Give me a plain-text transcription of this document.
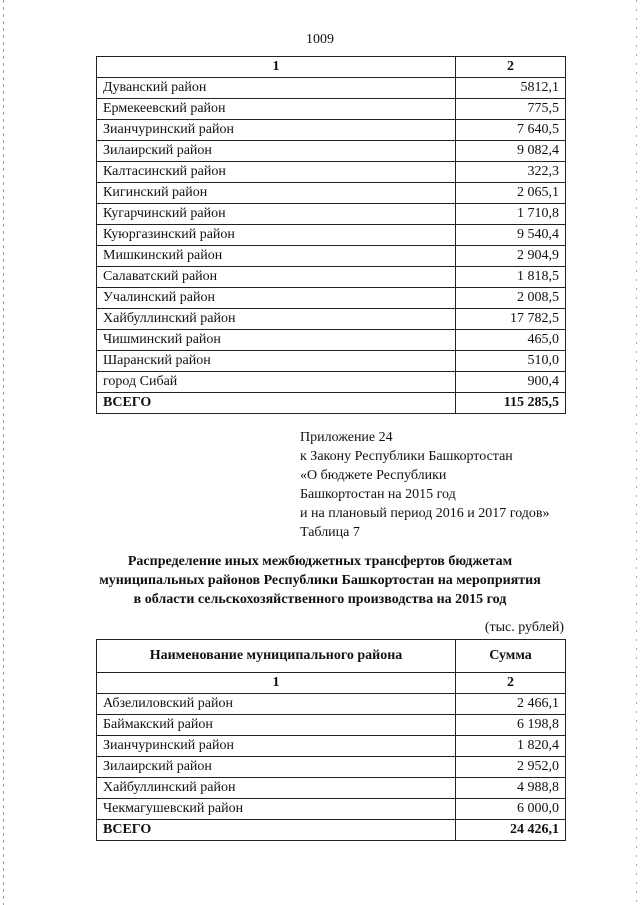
1009
1	2
Дуванский район	5812,1
Ермекеевский район	775,5
Зианчуринский район	7 640,5
Зилаирский район	9 082,4
Калтасинский район	322,3
Кигинский район	2 065,1
Кугарчинский район	1 710,8
Куюргазинский район	9 540,4
Мишкинский район	2 904,9
Салаватский район	1 818,5
Учалинский район	2 008,5
Хайбуллинский район	17 782,5
Чишминский район	465,0
Шаранский район	510,0
город Сибай	900,4
ВСЕГО	115 285,5
Приложение 24
к Закону Республики Башкортостан
«О бюджете Республики
Башкортостан на 2015 год
и на плановый период 2016 и 2017 годов»
Таблица 7
Распределение иных межбюджетных трансфертов бюджетам
муниципальных районов Республики Башкортостан на мероприятия
в области сельскохозяйственного производства на 2015 год
(тыс. рублей)
Наименование муниципального района	Сумма
1	2
Абзелиловский район	2 466,1
Баймакский район	6 198,8
Зианчуринский район	1 820,4
Зилаирский район	2 952,0
Хайбуллинский район	4 988,8
Чекмагушевский район	6 000,0
ВСЕГО	24 426,1
